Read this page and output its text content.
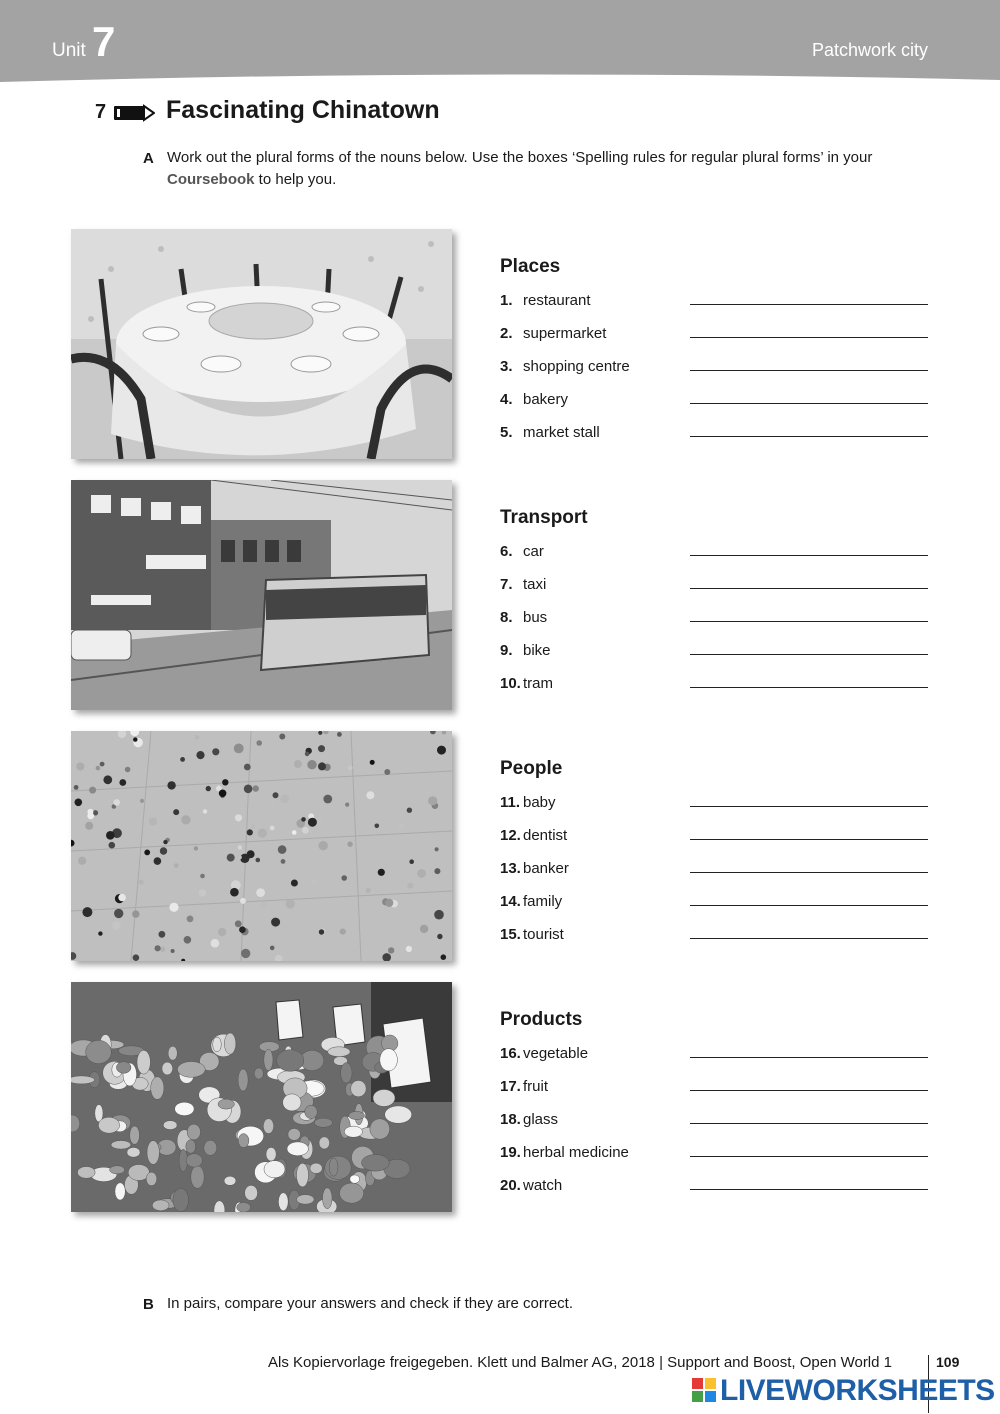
Unit 7	Patchwork city
7 Fascinating Chinatown
A Work out the plural forms of the nouns below. Use the boxes ‘Spelling rules for regular plural forms’ in your Coursebook to help you.
Places
1. restaurant
2. supermarket
3. shopping centre
4. bakery
5. market stall
Transport
6. car
7. taxi
8. bus
9. bike
10. tram
People
11. baby
12. dentist
13. banker
14. family
15. tourist
Products
16. vegetable
17. fruit
18. glass
19. herbal medicine
20. watch
B In pairs, compare your answers and check if they are correct.
Als Kopiervorlage freigegeben. Klett und Balmer AG, 2018 | Support and Boost, Open World 1	109
LIVEWORKSHEETS
